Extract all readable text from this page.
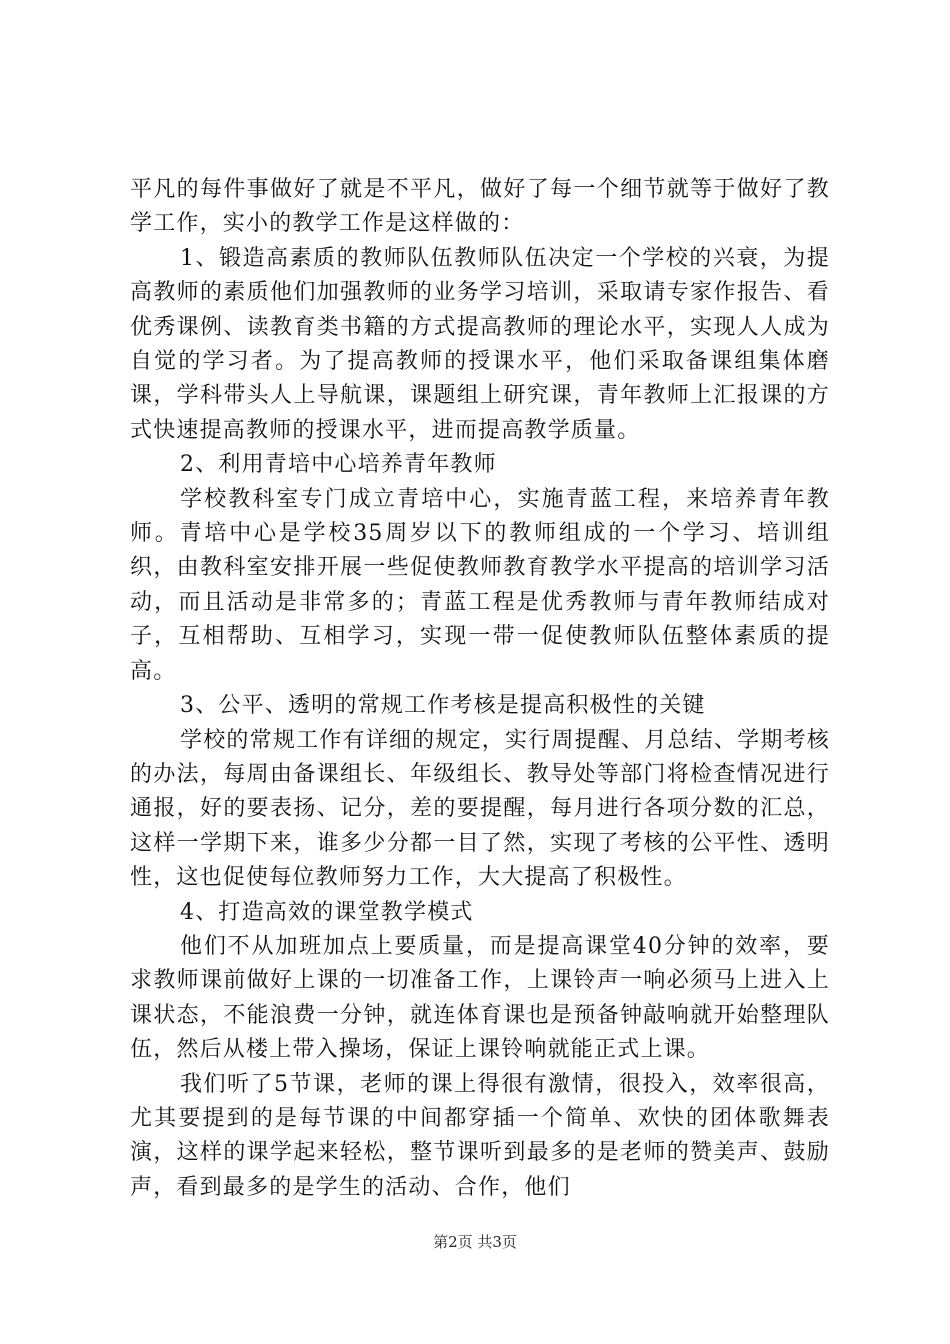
平凡的每件事做好了就是不平凡，做好了每一个细节就等于做好了教学工作，实小的教学工作是这样做的：

1、锻造高素质的教师队伍教师队伍决定一个学校的兴衰，为提高教师的素质他们加强教师的业务学习培训，采取请专家作报告、看优秀课例、读教育类书籍的方式提高教师的理论水平，实现人人成为自觉的学习者。为了提高教师的授课水平，他们采取备课组集体磨课，学科带头人上导航课，课题组上研究课，青年教师上汇报课的方式快速提高教师的授课水平，进而提高教学质量。

2、利用青培中心培养青年教师

学校教科室专门成立青培中心，实施青蓝工程，来培养青年教师。青培中心是学校35周岁以下的教师组成的一个学习、培训组织，由教科室安排开展一些促使教师教育教学水平提高的培训学习活动，而且活动是非常多的；青蓝工程是优秀教师与青年教师结成对子，互相帮助、互相学习，实现一带一促使教师队伍整体素质的提高。

3、公平、透明的常规工作考核是提高积极性的关键

学校的常规工作有详细的规定，实行周提醒、月总结、学期考核的办法，每周由备课组长、年级组长、教导处等部门将检查情况进行通报，好的要表扬、记分，差的要提醒，每月进行各项分数的汇总，这样一学期下来，谁多少分都一目了然，实现了考核的公平性、透明性，这也促使每位教师努力工作，大大提高了积极性。

4、打造高效的课堂教学模式

他们不从加班加点上要质量，而是提高课堂40分钟的效率，要求教师课前做好上课的一切准备工作，上课铃声一响必须马上进入上课状态，不能浪费一分钟，就连体育课也是预备钟敲响就开始整理队伍，然后从楼上带入操场，保证上课铃响就能正式上课。

我们听了5节课，老师的课上得很有激情，很投入，效率很高，尤其要提到的是每节课的中间都穿插一个简单、欢快的团体歌舞表演，这样的课学起来轻松，整节课听到最多的是老师的赞美声、鼓励声，看到最多的是学生的活动、合作，他们

第2页 共3页
